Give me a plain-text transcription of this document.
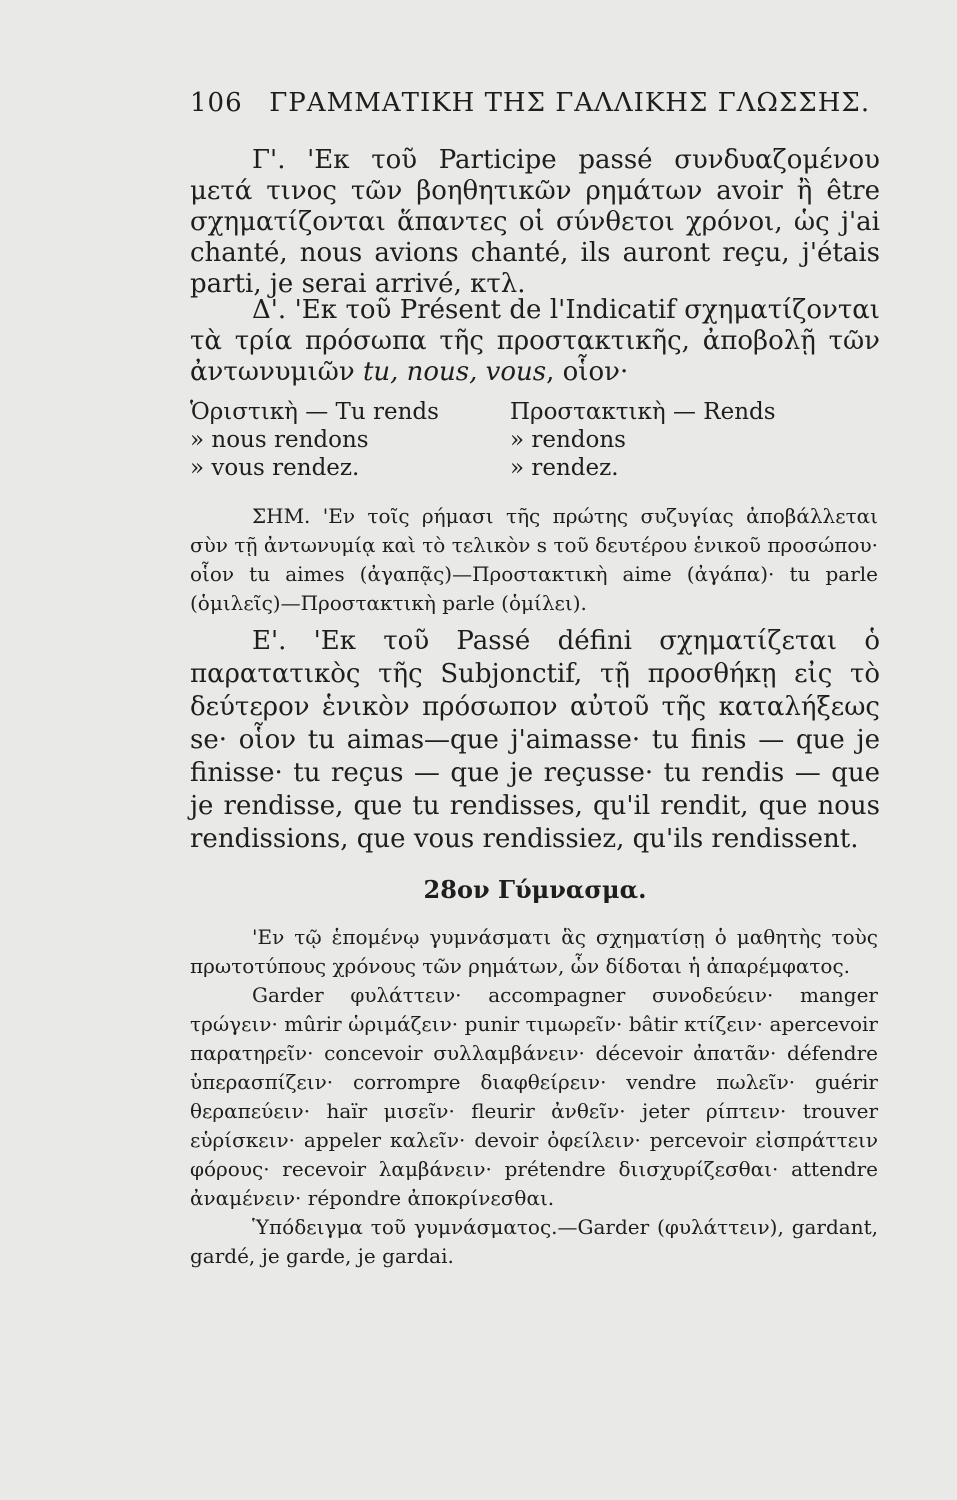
106 ΓΡΑΜΜΑΤΙΚΗ ΤΗΣ ΓΑΛΛΙΚΗΣ ΓΛΩΣΣΗΣ.

Γ'. 'Εκ τοῦ Participe passé συνδυαζομένου μετά τινος τῶν βοηθητικῶν ρημάτων avoir ἢ être σχηματίζονται ἅπαντες οἱ σύνθετοι χρόνοι, ὡς j'ai chanté, nous avions chanté, ils auront reçu, j'étais parti, je serai arrivé, κτλ.

Δ'. 'Εκ τοῦ Présent de l'Indicatif σχηματίζονται τὰ τρία πρόσωπα τῆς προστακτικῆς, ἀποβολῇ τῶν ἀντωνυμιῶν tu, nous, vous, οἷον·

Ὁριστικὴ — Tu rends	Προστακτικὴ — Rends
» nous rendons	» rendons
» vous rendez.	» rendez.

ΣΗΜ. 'Εν τοῖς ρήμασι τῆς πρώτης συζυγίας ἀποβάλλεται σὺν τῇ ἀντωνυμίᾳ καὶ τὸ τελικὸν s τοῦ δευτέρου ἑνικοῦ προσώπου· οἷον tu aimes (ἀγαπᾷς)—Προστακτικὴ aime (ἀγάπα)· tu parle (ὁμιλεῖς)—Προστακτικὴ parle (ὁμίλει).

Ε'. 'Εκ τοῦ Passé défini σχηματίζεται ὁ παρατατικὸς τῆς Subjonctif, τῇ προσθήκῃ εἰς τὸ δεύτερον ἑνικὸν πρόσωπον αὐτοῦ τῆς καταλήξεως se· οἷον tu aimas—que j'aimasse· tu finis — que je finisse· tu reçus — que je reçusse· tu rendis — que je rendisse, que tu rendisses, qu'il rendit, que nous rendissions, que vous rendissiez, qu'ils rendissent.

28ον Γύμνασμα.

'Εν τῷ ἑπομένῳ γυμνάσματι ἃς σχηματίσῃ ὁ μαθητὴς τοὺς πρωτοτύπους χρόνους τῶν ρημάτων, ὧν δίδοται ἡ ἀπαρέμφατος.

Garder φυλάττειν· accompagner συνοδεύειν· manger τρώγειν· mûrir ὡριμάζειν· punir τιμωρεῖν· bâtir κτίζειν· apercevoir παρατηρεῖν· concevoir συλλαμβάνειν· décevoir ἀπατᾶν· défendre ὑπερασπίζειν· corrompre διαφθείρειν· vendre πωλεῖν· guérir θεραπεύειν· haïr μισεῖν· fleurir ἀνθεῖν· jeter ρίπτειν· trouver εὑρίσκειν· appeler καλεῖν· devoir ὀφείλειν· percevoir εἰσπράττειν φόρους· recevoir λαμβάνειν· prétendre διισχυρίζεσθαι· attendre ἀναμένειν· répondre ἀποκρίνεσθαι.

Ὑπόδειγμα τοῦ γυμνάσματος.—Garder (φυλάττειν), gardant, gardé, je garde, je gardai.
